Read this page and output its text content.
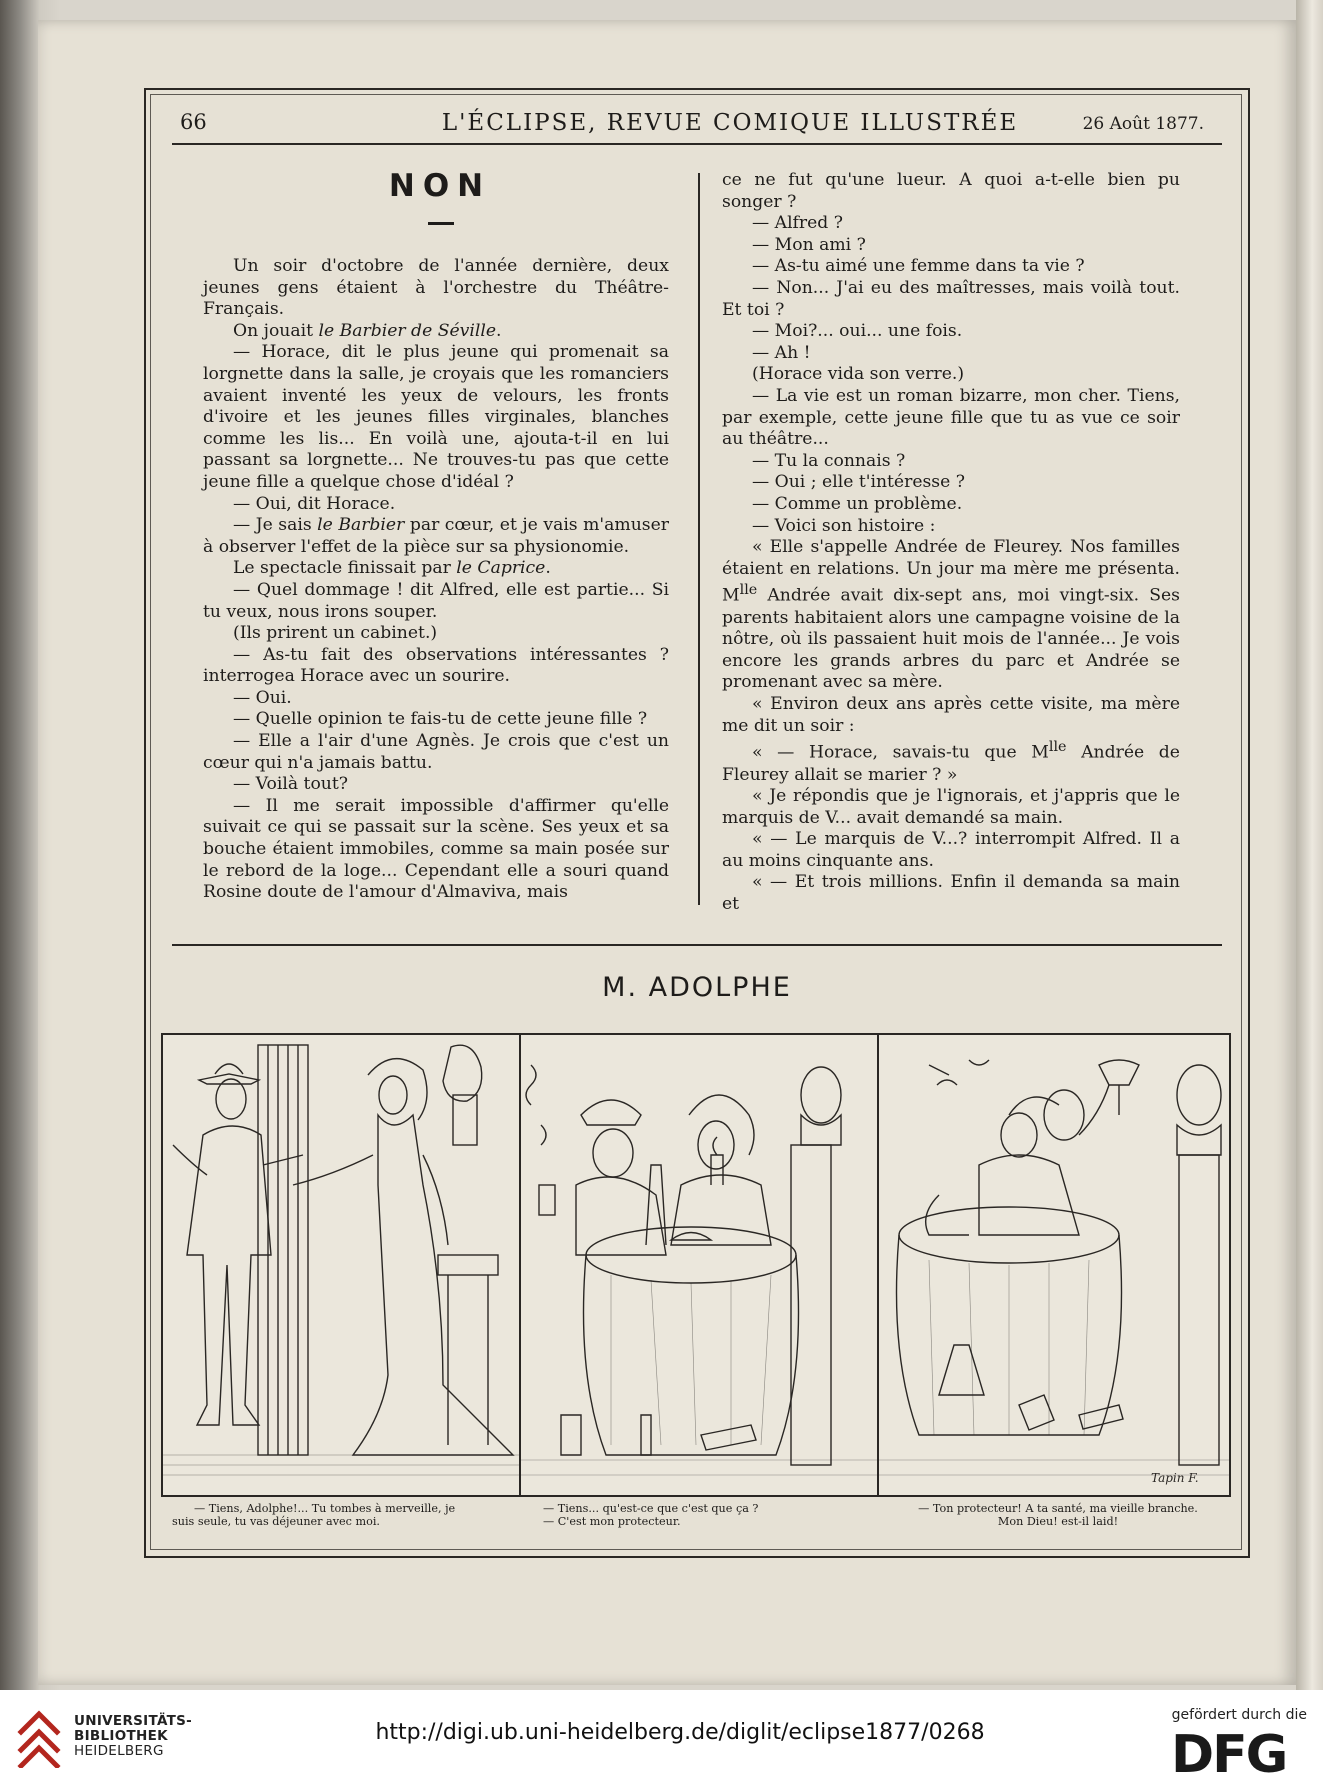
66	L'ÉCLIPSE, REVUE COMIQUE ILLUSTRÉE	26 Août 1877.
NON

Un soir d'octobre de l'année dernière, deux jeunes gens étaient à l'orchestre du Théâtre-Français.

On jouait le Barbier de Séville.

— Horace, dit le plus jeune qui promenait sa lorgnette dans la salle, je croyais que les romanciers avaient inventé les yeux de velours, les fronts d'ivoire et les jeunes filles virginales, blanches comme les lis... En voilà une, ajouta-t-il en lui passant sa lorgnette... Ne trouves-tu pas que cette jeune fille a quelque chose d'idéal ?

— Oui, dit Horace.

— Je sais le Barbier par cœur, et je vais m'amuser à observer l'effet de la pièce sur sa physionomie.

Le spectacle finissait par le Caprice.

— Quel dommage ! dit Alfred, elle est partie... Si tu veux, nous irons souper.

(Ils prirent un cabinet.)

— As-tu fait des observations intéressantes ? interrogea Horace avec un sourire.

— Oui.

— Quelle opinion te fais-tu de cette jeune fille ?

— Elle a l'air d'une Agnès. Je crois que c'est un cœur qui n'a jamais battu.

— Voilà tout?

— Il me serait impossible d'affirmer qu'elle suivait ce qui se passait sur la scène. Ses yeux et sa bouche étaient immobiles, comme sa main posée sur le rebord de la loge... Cependant elle a souri quand Rosine doute de l'amour d'Almaviva, mais

ce ne fut qu'une lueur. A quoi a-t-elle bien pu songer ?

— Alfred ?

— Mon ami ?

— As-tu aimé une femme dans ta vie ?

— Non... J'ai eu des maîtresses, mais voilà tout. Et toi ?

— Moi?... oui... une fois.

— Ah !

(Horace vida son verre.)

— La vie est un roman bizarre, mon cher. Tiens, par exemple, cette jeune fille que tu as vue ce soir au théâtre...

— Tu la connais ?

— Oui ; elle t'intéresse ?

— Comme un problème.

— Voici son histoire :

« Elle s'appelle Andrée de Fleurey. Nos familles étaient en relations. Un jour ma mère me présenta. $M^{lle}$ Andrée avait dix-sept ans, moi vingt-six. Ses parents habitaient alors une campagne voisine de la nôtre, où ils passaient huit mois de l'année... Je vois encore les grands arbres du parc et Andrée se promenant avec sa mère.

« Environ deux ans après cette visite, ma mère me dit un soir :

« — Horace, savais-tu que $M^{lle}$ Andrée de Fleurey allait se marier ? »

« Je répondis que je l'ignorais, et j'appris que le marquis de V... avait demandé sa main.

« — Le marquis de V...? interrompit Alfred. Il a au moins cinquante ans.

« — Et trois millions. Enfin il demanda sa main et

M. ADOLPHE
Tapin F.
— Tiens, Adolphe!... Tu tombes à merveille, je
suis seule, tu vas déjeuner avec moi.
— Tiens... qu'est-ce que c'est que ça ?
— C'est mon protecteur.
— Ton protecteur! A ta santé, ma vieille branche.
Mon Dieu! est-il laid!
UNIVERSITÄTS-
BIBLIOTHEK
HEIDELBERG
http://digi.ub.uni-heidelberg.de/diglit/eclipse1877/0268
gefördert durch die
DFG
